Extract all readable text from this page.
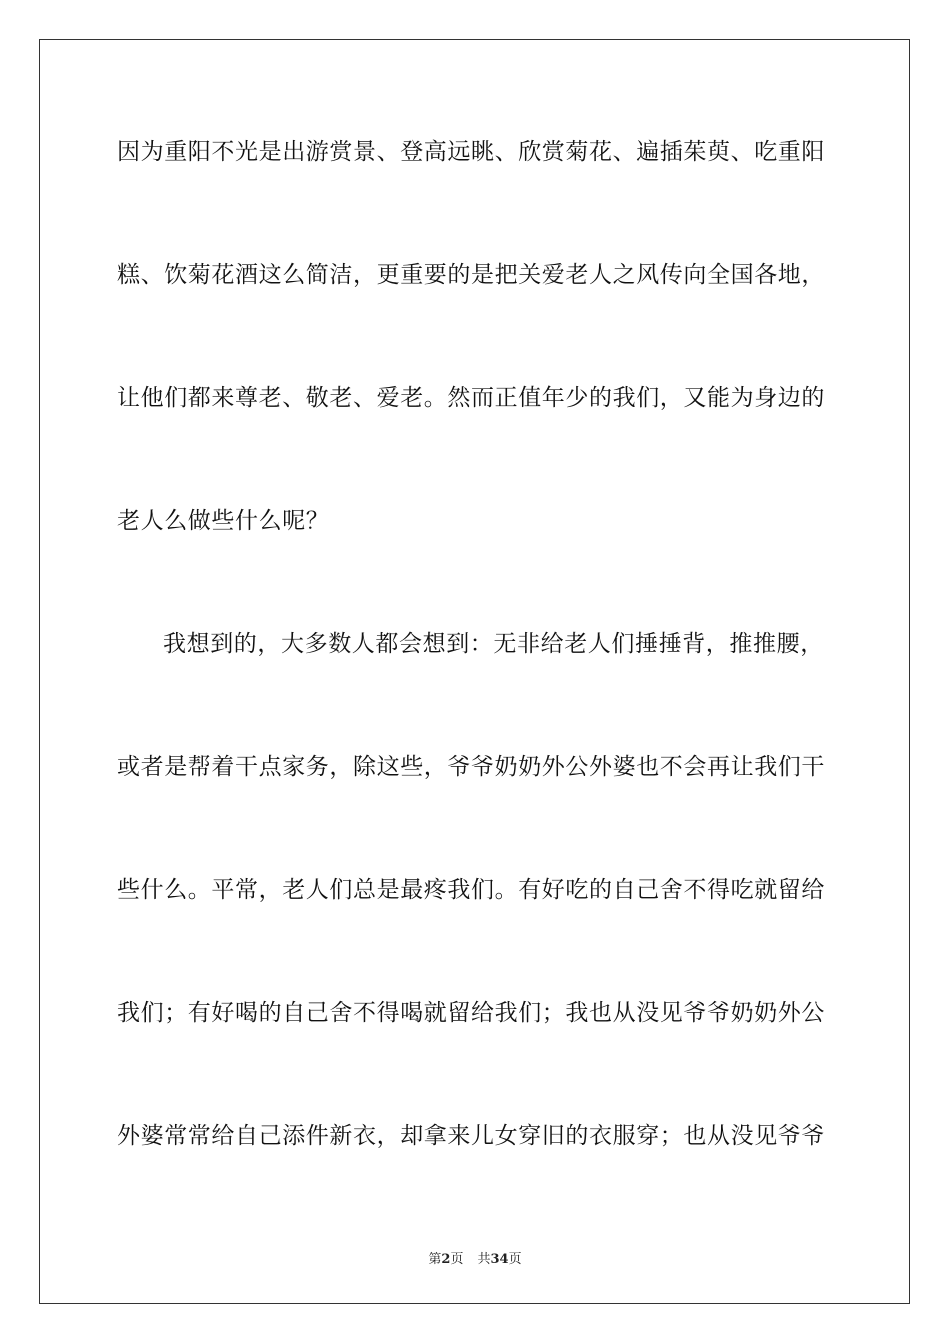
因为重阳不光是出游赏景、登高远眺、欣赏菊花、遍插茱萸、吃重阳
糕、饮菊花酒这么简洁，更重要的是把关爱老人之风传向全国各地，
让他们都来尊老、敬老、爱老。然而正值年少的我们，又能为身边的
老人么做些什么呢？
我想到的，大多数人都会想到：无非给老人们捶捶背，推推腰，
或者是帮着干点家务，除这些，爷爷奶奶外公外婆也不会再让我们干
些什么。平常，老人们总是最疼我们。有好吃的自己舍不得吃就留给
我们；有好喝的自己舍不得喝就留给我们；我也从没见爷爷奶奶外公
外婆常常给自己添件新衣，却拿来儿女穿旧的衣服穿；也从没见爷爷
第2页 共34页
